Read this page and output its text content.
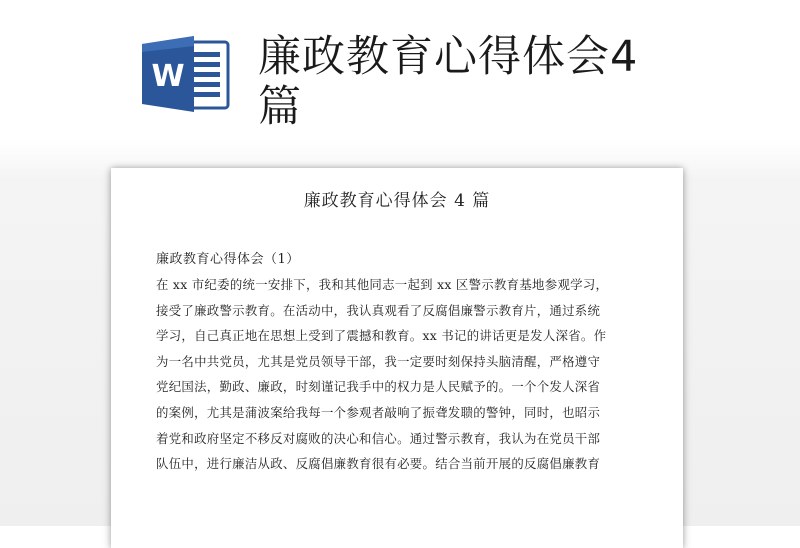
W 廉政教育心得体会4篇
廉政教育心得体会 4 篇
廉政教育心得体会（1）
在 xx 市纪委的统一安排下，我和其他同志一起到 xx 区警示教育基地参观学习，
接受了廉政警示教育。在活动中，我认真观看了反腐倡廉警示教育片，通过系统
学习，自己真正地在思想上受到了震撼和教育。xx 书记的讲话更是发人深省。作
为一名中共党员，尤其是党员领导干部，我一定要时刻保持头脑清醒，严格遵守
党纪国法，勤政、廉政，时刻谨记我手中的权力是人民赋予的。一个个发人深省
的案例，尤其是蒲波案给我每一个参观者敲响了振聋发聩的警钟，同时，也昭示
着党和政府坚定不移反对腐败的决心和信心。通过警示教育，我认为在党员干部
队伍中，进行廉洁从政、反腐倡廉教育很有必要。结合当前开展的反腐倡廉教育
